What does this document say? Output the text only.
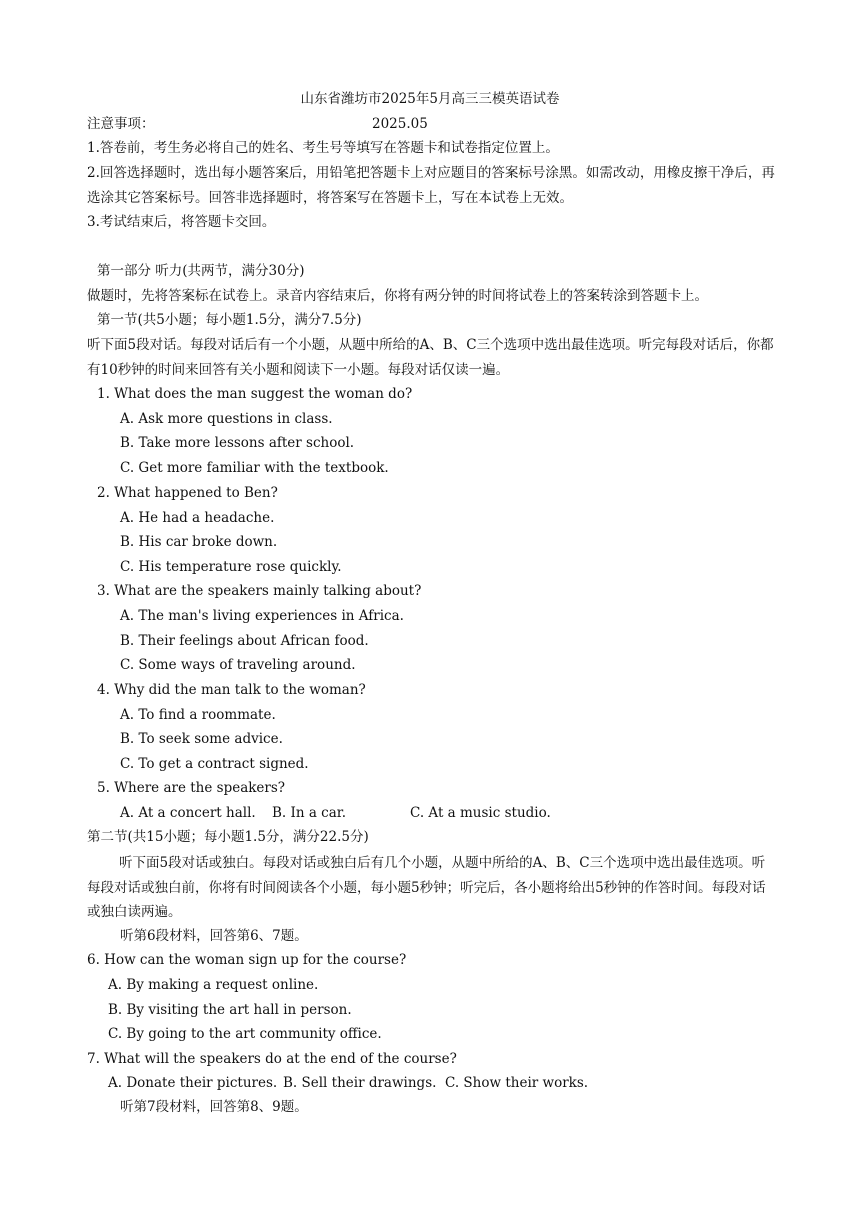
山东省潍坊市2025年5月高三三模英语试卷
注意事项：	2025.05
1.答卷前，考生务必将自己的姓名、考生号等填写在答题卡和试卷指定位置上。
2.回答选择题时，选出每小题答案后，用铅笔把答题卡上对应题目的答案标号涂黑。如需改动，用橡皮擦干净后，再选涂其它答案标号。回答非选择题时，将答案写在答题卡上，写在本试卷上无效。
3.考试结束后，将答题卡交回。
第一部分 听力(共两节，满分30分)
做题时，先将答案标在试卷上。录音内容结束后，你将有两分钟的时间将试卷上的答案转涂到答题卡上。
第一节(共5小题；每小题1.5分，满分7.5分)
听下面5段对话。每段对话后有一个小题，从题中所给的A、B、C三个选项中选出最佳选项。听完每段对话后，你都有10秒钟的时间来回答有关小题和阅读下一小题。每段对话仅读一遍。
1. What does the man suggest the woman do?
A. Ask more questions in class.
B. Take more lessons after school.
C. Get more familiar with the textbook.
2. What happened to Ben?
A. He had a headache.
B. His car broke down.
C. His temperature rose quickly.
3. What are the speakers mainly talking about?
A. The man's living experiences in Africa.
B. Their feelings about African food.
C. Some ways of traveling around.
4. Why did the man talk to the woman?
A. To find a roommate.
B. To seek some advice.
C. To get a contract signed.
5. Where are the speakers?
A. At a concert hall. B. In a car.	C. At a music studio.
第二节(共15小题；每小题1.5分，满分22.5分)
听下面5段对话或独白。每段对话或独白后有几个小题，从题中所给的A、B、C三个选项中选出最佳选项。听每段对话或独白前，你将有时间阅读各个小题，每小题5秒钟；听完后，各小题将给出5秒钟的作答时间。每段对话或独白读两遍。
听第6段材料，回答第6、7题。
6. How can the woman sign up for the course?
A. By making a request online.
B. By visiting the art hall in person.
C. By going to the art community office.
7. What will the speakers do at the end of the course?
A. Donate their pictures. B. Sell their drawings. C. Show their works.
听第7段材料，回答第8、9题。
